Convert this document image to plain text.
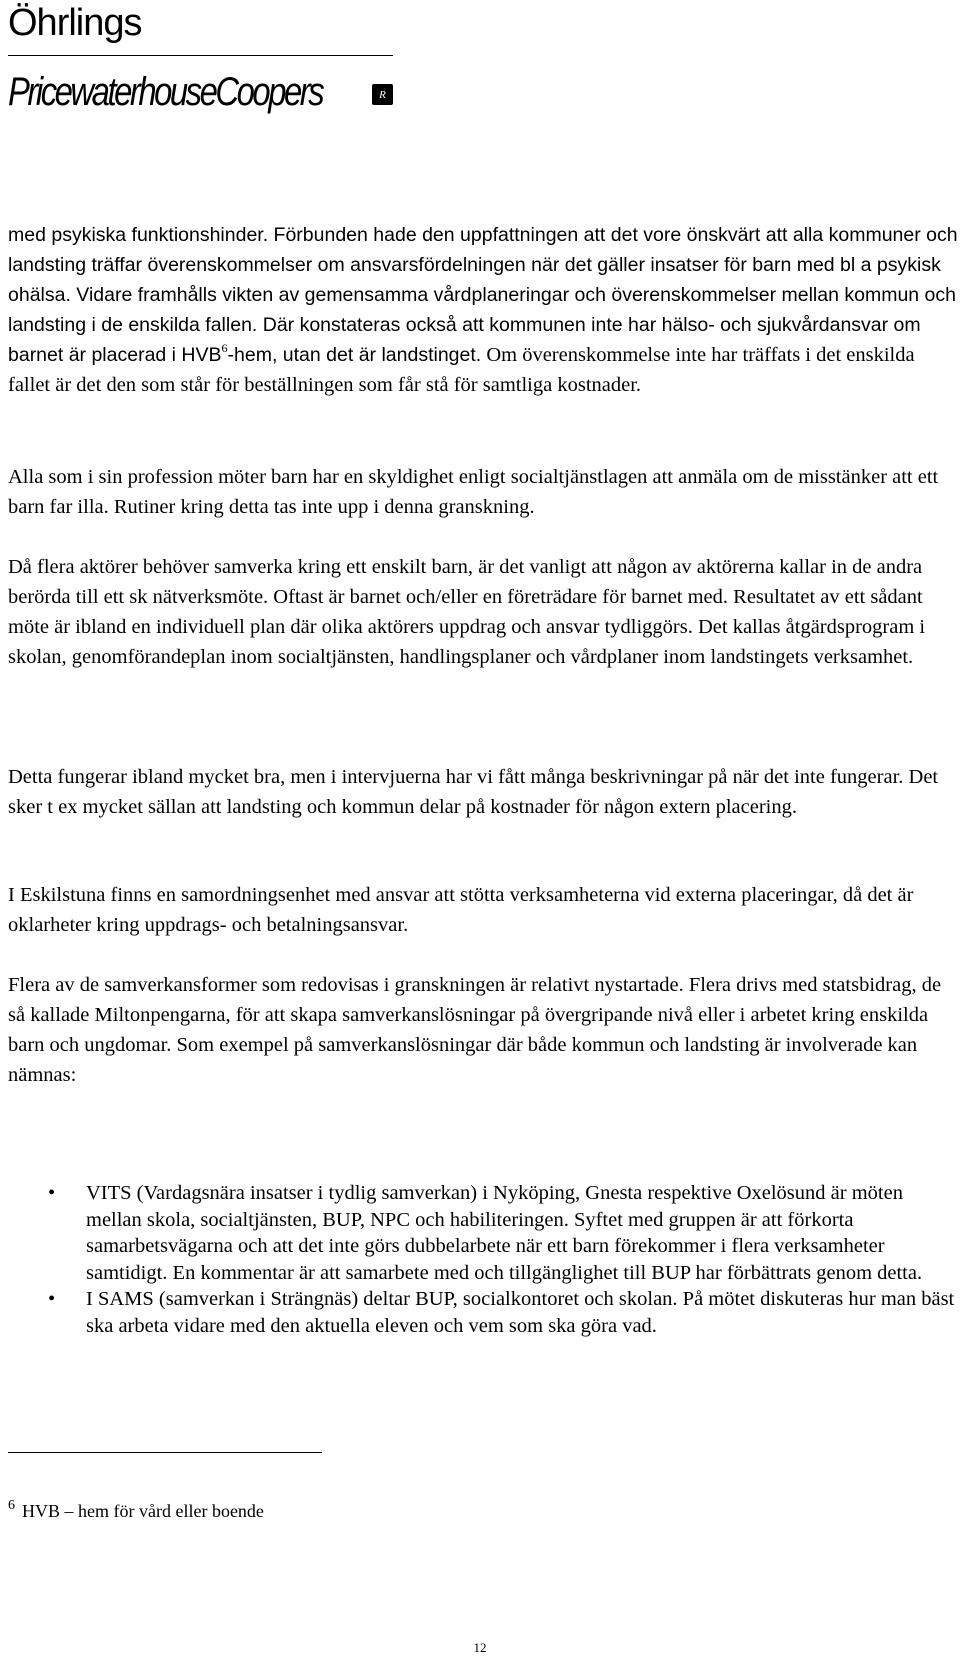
Öhrlings
PricewaterhouseCoopers	R

med psykiska funktionshinder. Förbunden hade den uppfattningen att det vore önskvärt att alla kommuner och landsting träffar överenskommelser om ansvarsfördelningen när det gäller insatser för barn med bl a psykisk ohälsa. Vidare framhålls vikten av gemensamma vårdplaneringar och överenskommelser mellan kommun och landsting i de enskilda fallen. Där konstateras också att kommunen inte har hälso- och sjukvårdansvar om barnet är placerad i HVB$^6$-hem, utan det är landstinget. Om överenskommelse inte har träffats i det enskilda fallet är det den som står för beställningen som får stå för samtliga kostnader.

Alla som i sin profession möter barn har en skyldighet enligt socialtjänstlagen att anmäla om de misstänker att ett barn far illa. Rutiner kring detta tas inte upp i denna granskning.

Då flera aktörer behöver samverka kring ett enskilt barn, är det vanligt att någon av aktörerna kallar in de andra berörda till ett sk nätverksmöte. Oftast är barnet och/eller en företrädare för barnet med. Resultatet av ett sådant möte är ibland en individuell plan där olika aktörers uppdrag och ansvar tydliggörs. Det kallas åtgärdsprogram i skolan, genomförandeplan inom socialtjänsten, handlingsplaner och vårdplaner inom landstingets verksamhet.

Detta fungerar ibland mycket bra, men i intervjuerna har vi fått många beskrivningar på när det inte fungerar. Det sker t ex mycket sällan att landsting och kommun delar på kostnader för någon extern placering.

I Eskilstuna finns en samordningsenhet med ansvar att stötta verksamheterna vid externa placeringar, då det är oklarheter kring uppdrags- och betalningsansvar.

Flera av de samverkansformer som redovisas i granskningen är relativt nystartade. Flera drivs med statsbidrag, de så kallade Miltonpengarna, för att skapa samverkanslösningar på övergripande nivå eller i arbetet kring enskilda barn och ungdomar. Som exempel på samverkanslösningar där både kommun och landsting är involverade kan nämnas:

• VITS (Vardagsnära insatser i tydlig samverkan) i Nyköping, Gnesta respektive Oxelösund är möten mellan skola, socialtjänsten, BUP, NPC och habiliteringen. Syftet med gruppen är att förkorta samarbetsvägarna och att det inte görs dubbelarbete när ett barn förekommer i flera verksamheter samtidigt. En kommentar är att samarbete med och tillgänglighet till BUP har förbättrats genom detta.
• I SAMS (samverkan i Strängnäs) deltar BUP, socialkontoret och skolan. På mötet diskuteras hur man bäst ska arbeta vidare med den aktuella eleven och vem som ska göra vad.
$^6$ HVB – hem för vård eller boende
12
